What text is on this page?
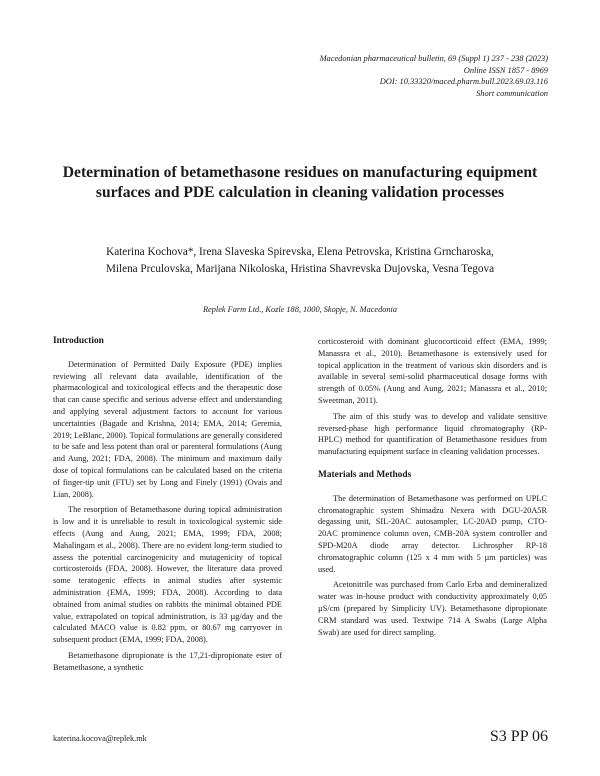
Macedonian pharmaceutical bulletin, 69 (Suppl 1) 237 - 238 (2023)
Online ISSN 1857 - 8969
DOI: 10.33320/maced.pharm.bull.2023.69.03.116
Short communication
Determination of betamethasone residues on manufacturing equipment surfaces and PDE calculation in cleaning validation processes
Katerina Kochova*, Irena Slaveska Spirevska, Elena Petrovska, Kristina Grncharoska,
Milena Prculovska, Marijana Nikoloska, Hristina Shavrevska Dujovska, Vesna Tegova
Replek Farm Ltd., Kozle 188, 1000, Skopje, N. Macedonia
Introduction

Determination of Permitted Daily Exposure (PDE) implies reviewing all relevant data available, identification of the pharmacological and toxicological effects and the therapeutic dose that can cause specific and serious adverse effect and understanding and applying several adjustment factors to account for various uncertainties (Bagade and Krishna, 2014; EMA, 2014; Geremia, 2019; LeBlanc, 2000). Topical formulations are generally considered to be safe and less potent than oral or parenteral formulations (Aung and Aung, 2021; FDA, 2008). The minimum and maximum daily dose of topical formulations can be calculated based on the criteria of finger-tip unit (FTU) set by Long and Finely (1991) (Ovais and Lian, 2008).

The resorption of Betamethasone during topical administration is low and it is unreliable to result in toxicological systemic side effects (Aung and Aung, 2021; EMA, 1999; FDA, 2008; Mahalingam et al., 2008). There are no evident long-term studied to assess the potential carcinogenicity and mutagenicity of topical corticosteroids (FDA, 2008). However, the literature data proved some teratogenic effects in animal studies after systemic administration (EMA, 1999; FDA, 2008). According to data obtained from animal studies on rabbits the minimal obtained PDE value, extrapolated on topical administration, is 33 µg/day and the calculated MACO value is 0.82 ppm, or 80.67 mg carryover in subsequent product (EMA, 1999; FDA, 2008).

Betamethasone dipropionate is the 17,21-dipropionate ester of Betamethasone, a synthetic

corticosteroid with dominant glucocorticoid effect (EMA, 1999; Manassra et al., 2010). Betamethasone is extensively used for topical application in the treatment of various skin disorders and is available in several semi-solid pharmaceutical dosage forms with strength of 0.05% (Aung and Aung, 2021; Manassra et al., 2010; Sweetman, 2011).

The aim of this study was to develop and validate sensitive reversed-phase high performance liquid chromatography (RP-HPLC) method for quantification of Betamethasone residues from manufacturing equipment surface in cleaning validation processes.

Materials and Methods

The determination of Betamethasone was performed on UPLC chromatographic system Shimadzu Nexera with DGU-20A5R degassing unit, SIL-20AC autosampler, LC-20AD pump, CTO-20AC prominence column oven, CMB-20A system controller and SPD-M20A diode array detector. Lichrospher RP-18 chromatographic column (125 x 4 mm with 5 µm particles) was used.

Acetonitrile was purchased from Carlo Erba and demineralized water was in-house product with conductivity approximately 0,05 µS/cm (prepared by Simplicity UV). Betamethasone dipropionate CRM standard was used. Textwipe 714 A Swabs (Large Alpha Swab) are used for direct sampling.

katerina.kocova@replek.mk	S3 PP 06
